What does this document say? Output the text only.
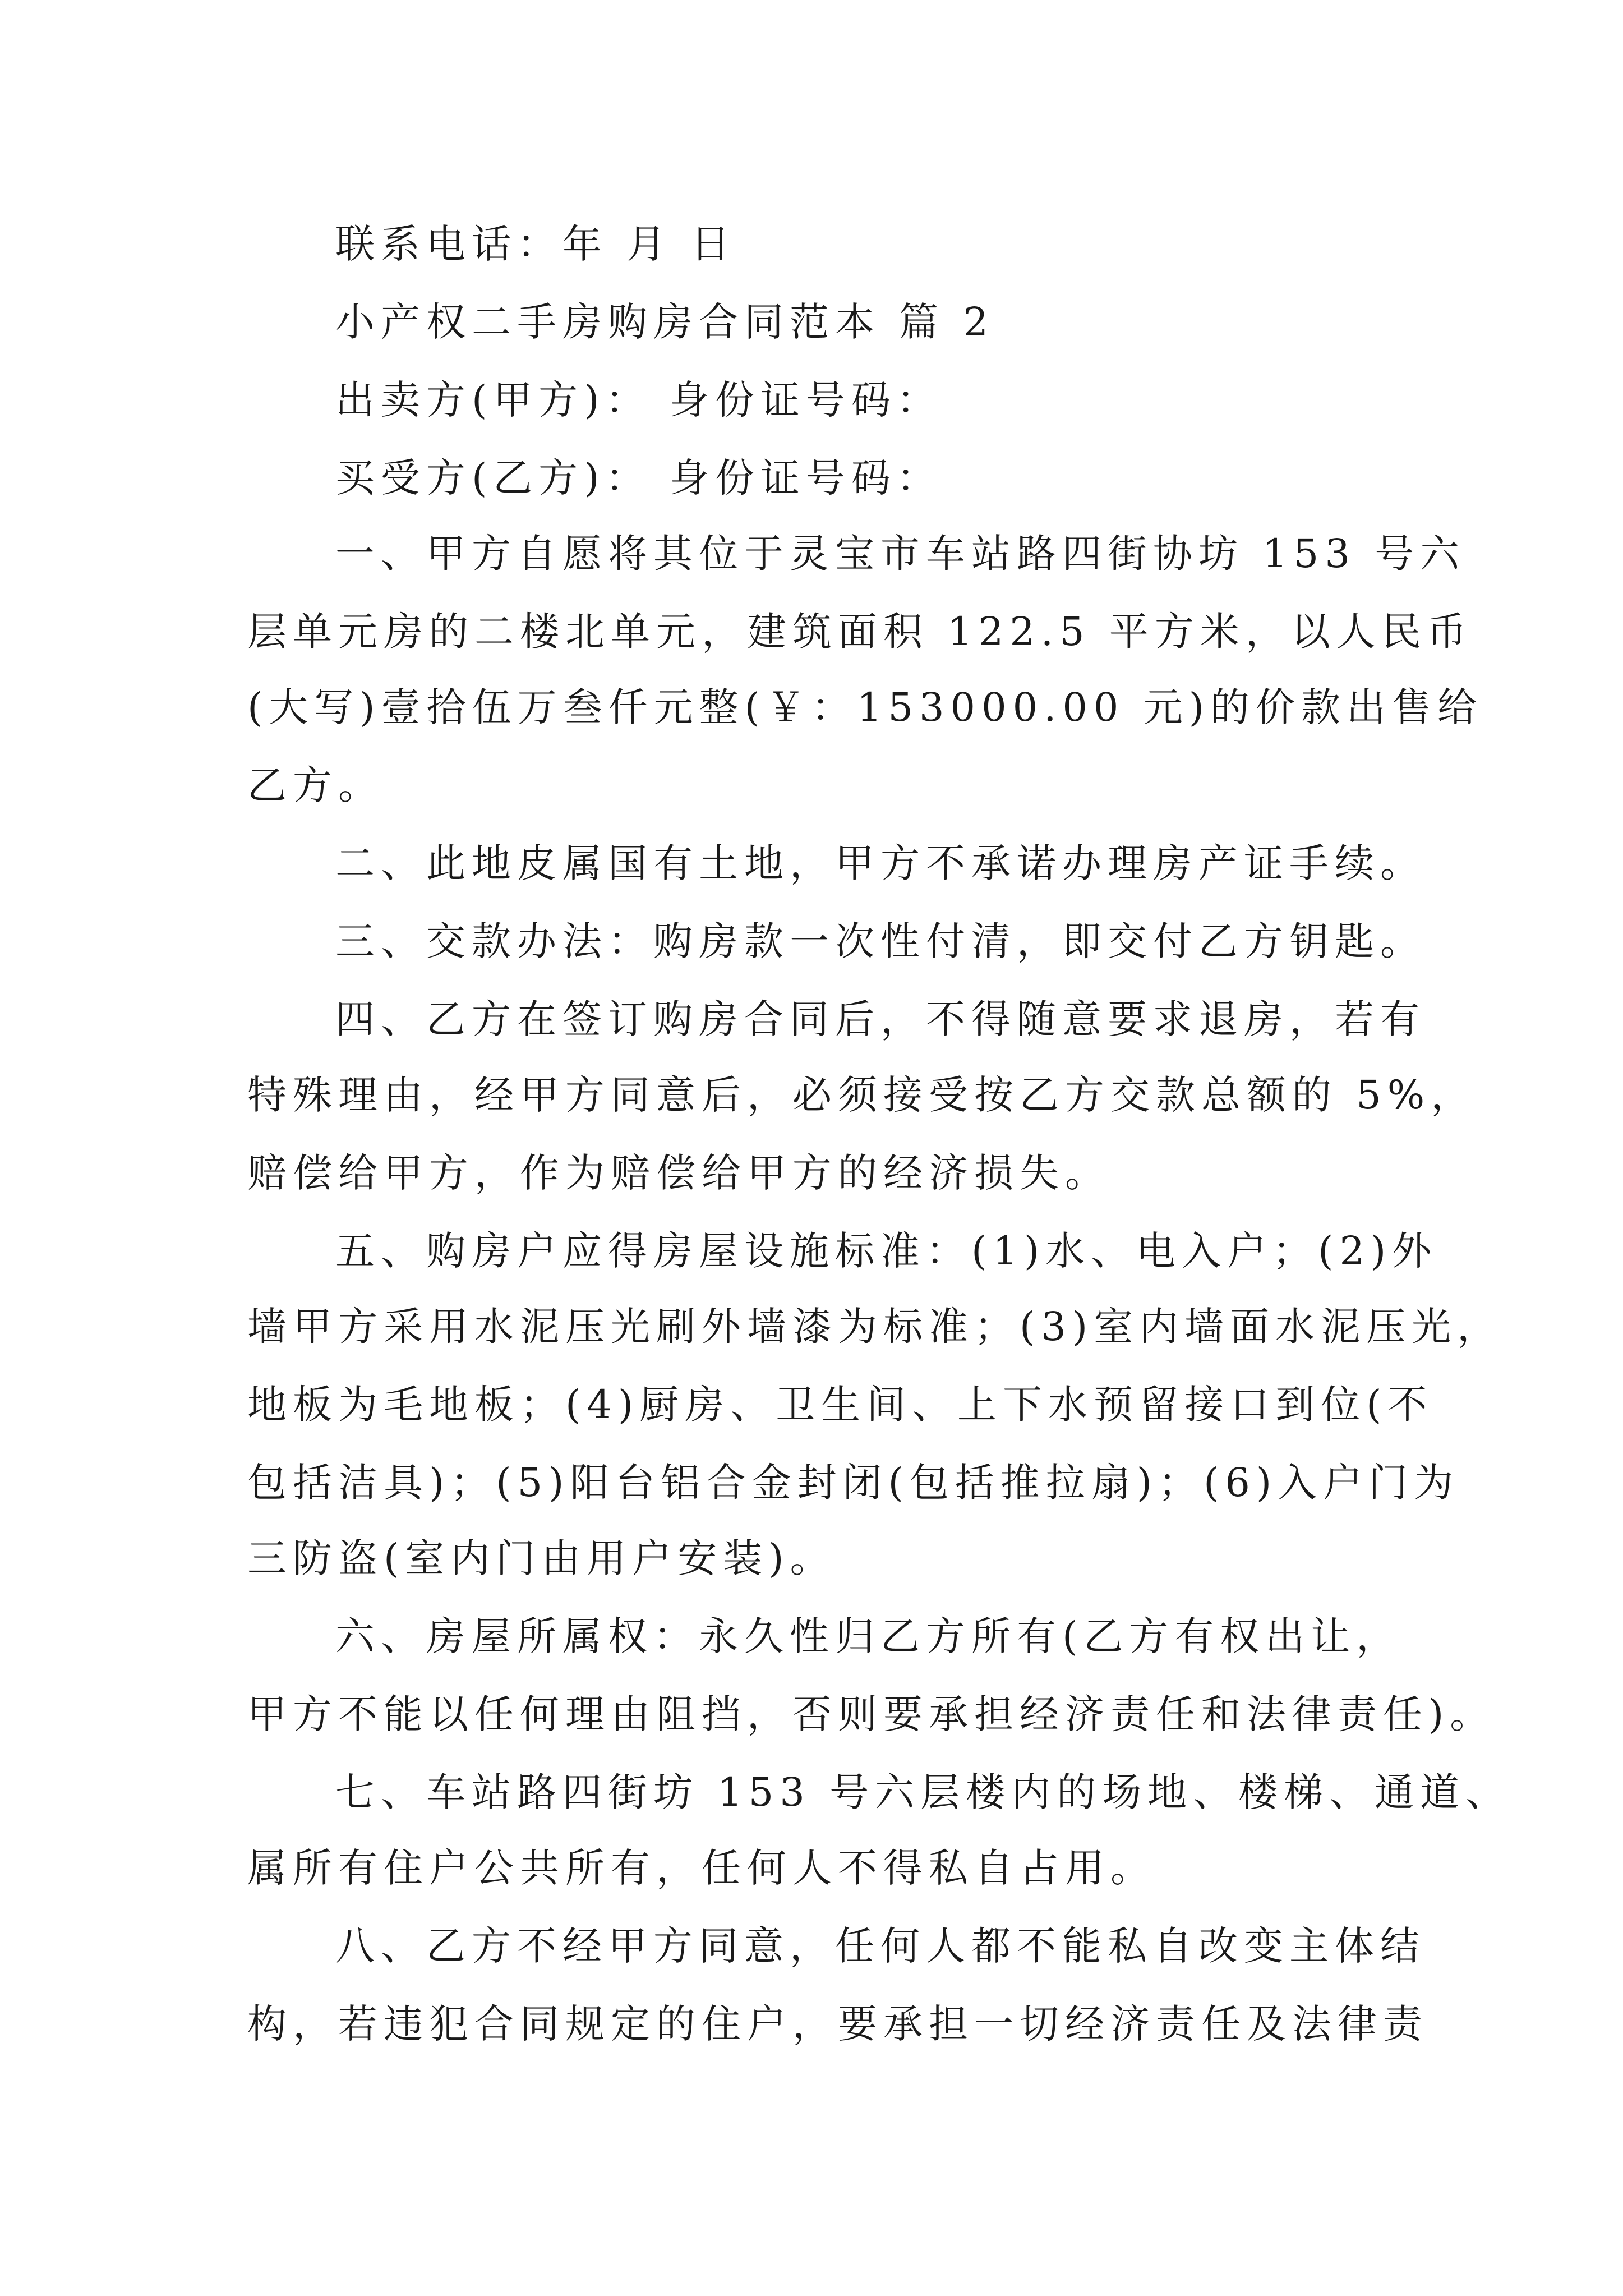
联系电话：年 月 日

小产权二手房购房合同范本 篇 2

出卖方(甲方)： 身份证号码：

买受方(乙方)： 身份证号码：

一、甲方自愿将其位于灵宝市车站路四街协坊 153 号六

层单元房的二楼北单元，建筑面积 122.5 平方米，以人民币

(大写)壹拾伍万叁仟元整(￥：153000.00 元)的价款出售给

乙方。

二、此地皮属国有土地，甲方不承诺办理房产证手续。

三、交款办法：购房款一次性付清，即交付乙方钥匙。

四、乙方在签订购房合同后，不得随意要求退房，若有

特殊理由，经甲方同意后，必须接受按乙方交款总额的 5%，

赔偿给甲方，作为赔偿给甲方的经济损失。

五、购房户应得房屋设施标准：(1)水、电入户；(2)外

墙甲方采用水泥压光刷外墙漆为标准；(3)室内墙面水泥压光，

地板为毛地板；(4)厨房、卫生间、上下水预留接口到位(不

包括洁具)；(5)阳台铝合金封闭(包括推拉扇)；(6)入户门为

三防盗(室内门由用户安装)。

六、房屋所属权：永久性归乙方所有(乙方有权出让，

甲方不能以任何理由阻挡，否则要承担经济责任和法律责任)。

七、车站路四街坊 153 号六层楼内的场地、楼梯、通道、

属所有住户公共所有，任何人不得私自占用。

八、乙方不经甲方同意，任何人都不能私自改变主体结

构，若违犯合同规定的住户，要承担一切经济责任及法律责
